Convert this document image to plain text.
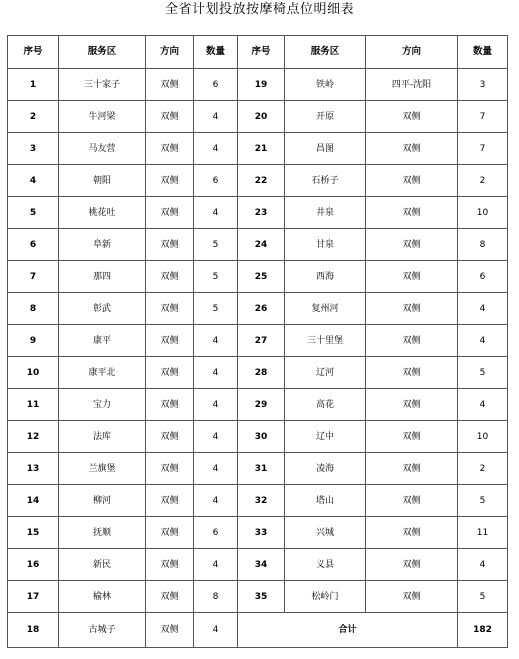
全省计划投放按摩椅点位明细表
序号	服务区	方向	数量	序号	服务区	方向	数量
1	三十家子	双侧	6	19	铁岭	四平-沈阳	3
2	牛河梁	双侧	4	20	开原	双侧	7
3	马友营	双侧	4	21	昌图	双侧	7
4	朝阳	双侧	6	22	石桥子	双侧	2
5	桃花吐	双侧	4	23	井泉	双侧	10
6	阜新	双侧	5	24	甘泉	双侧	8
7	那四	双侧	5	25	西海	双侧	6
8	彰武	双侧	5	26	复州河	双侧	4
9	康平	双侧	4	27	三十里堡	双侧	4
10	康平北	双侧	4	28	辽河	双侧	5
11	宝力	双侧	4	29	高花	双侧	4
12	法库	双侧	4	30	辽中	双侧	10
13	兰旗堡	双侧	4	31	凌海	双侧	2
14	柳河	双侧	4	32	塔山	双侧	5
15	抚顺	双侧	6	33	兴城	双侧	11
16	新民	双侧	4	34	义县	双侧	4
17	榆林	双侧	8	35	松岭门	双侧	5
18	古城子	双侧	4	合计			182
